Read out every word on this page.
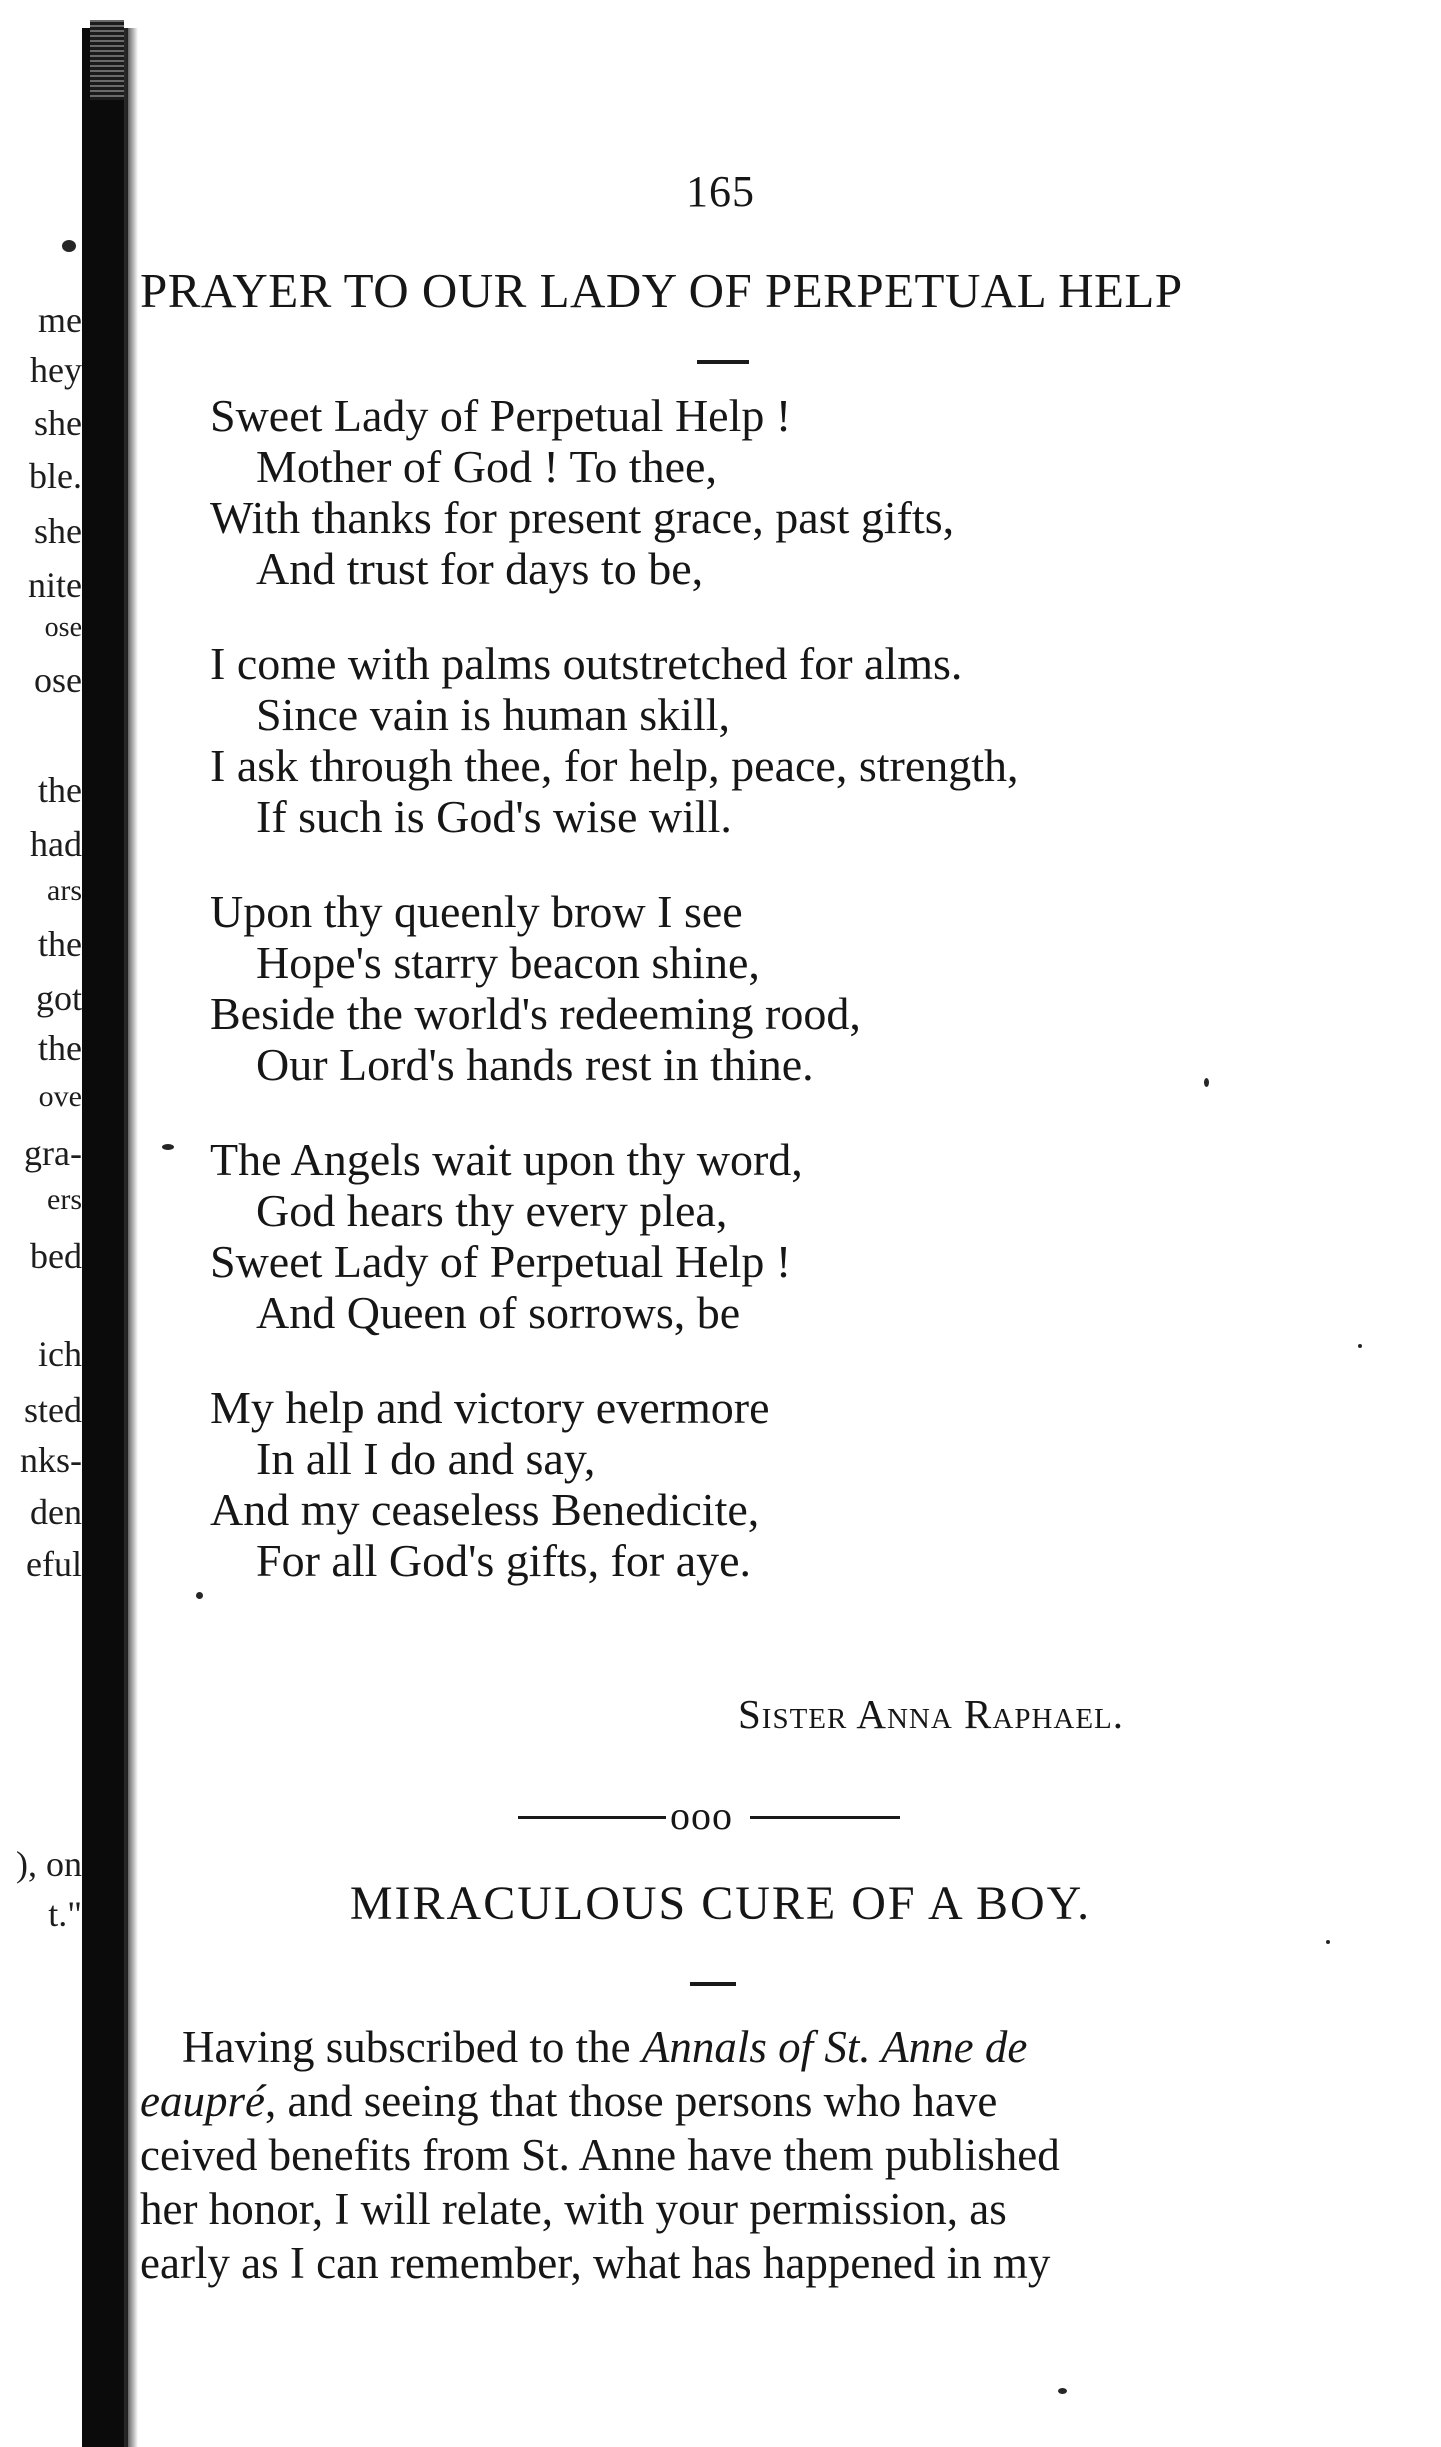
me
hey
she
ble.
she
nite
ose
ose
the
had
ars
the
got
the
ove
gra-
ers
bed
ich
sted
nks-
den
eful
), on
t."
165
PRAYER TO OUR LADY OF PERPETUAL HELP
Sweet Lady of Perpetual Help !
Mother of God ! To thee,
With thanks for present grace, past gifts,
And trust for days to be,
I come with palms outstretched for alms.
Since vain is human skill,
I ask through thee, for help, peace, strength,
If such is God's wise will.
Upon thy queenly brow I see
Hope's starry beacon shine,
Beside the world's redeeming rood,
Our Lord's hands rest in thine.
The Angels wait upon thy word,
God hears thy every plea,
Sweet Lady of Perpetual Help !
And Queen of sorrows, be
My help and victory evermore
In all I do and say,
And my ceaseless Benedicite,
For all God's gifts, for aye.
Sister Anna Raphael.
ooo
MIRACULOUS CURE OF A BOY.
Having subscribed to the Annals of St. Anne de
eaupré, and seeing that those persons who have
ceived benefits from St. Anne have them published
her honor, I will relate, with your permission, as
early as I can remember, what has happened in my
